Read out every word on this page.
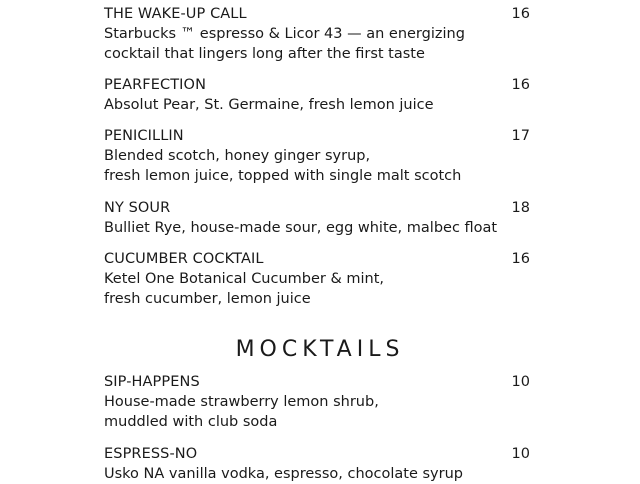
THE WAKE-UP CALL	16
Starbucks ™ espresso & Licor 43 — an energizing
cocktail that lingers long after the first taste
PEARFECTION	16
Absolut Pear, St. Germaine, fresh lemon juice
PENICILLIN	17
Blended scotch, honey ginger syrup,
fresh lemon juice, topped with single malt scotch
NY SOUR	18
Bulliet Rye, house-made sour, egg white, malbec float
CUCUMBER COCKTAIL	16
Ketel One Botanical Cucumber & mint,
fresh cucumber, lemon juice
MOCKTAILS
SIP-HAPPENS	10
House-made strawberry lemon shrub,
muddled with club soda
ESPRESS-NO	10
Usko NA vanilla vodka, espresso, chocolate syrup
